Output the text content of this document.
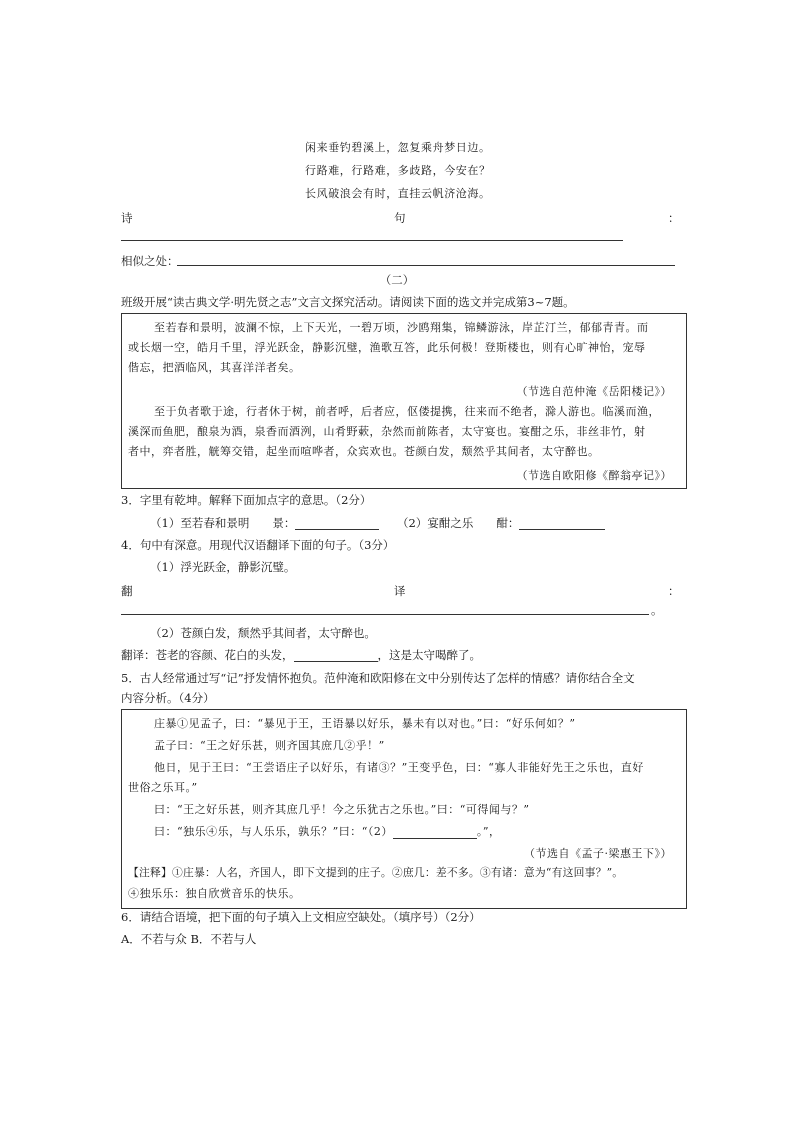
闲来垂钓碧溪上，忽复乘舟梦日边。
行路难，行路难，多歧路，今安在？
长风破浪会有时，直挂云帆济沧海。
诗	句	：
相似之处：
（二）
班级开展“读古典文学·明先贤之志”文言文探究活动。请阅读下面的选文并完成第3~7题。
至若春和景明，波澜不惊，上下天光，一碧万顷，沙鸥翔集，锦鳞游泳，岸芷汀兰，郁郁青青。而
或长烟一空，皓月千里，浮光跃金，静影沉璧，渔歌互答，此乐何极！登斯楼也，则有心旷神怡，宠辱
偕忘，把酒临风，其喜洋洋者矣。
（节选自范仲淹《岳阳楼记》）
至于负者歌于途，行者休于树，前者呼，后者应，伛偻提携，往来而不绝者，滁人游也。临溪而渔，
溪深而鱼肥，酿泉为酒，泉香而酒洌，山肴野蔌，杂然而前陈者，太守宴也。宴酣之乐，非丝非竹，射
者中，弈者胜，觥筹交错，起坐而喧哗者，众宾欢也。苍颜白发，颓然乎其间者，太守醉也。
（节选自欧阳修《醉翁亭记》）
3．字里有乾坤。解释下面加点字的意思。（2分）
（1）至若春和景明　　景：	（2）宴酣之乐　　酣：
4．句中有深意。用现代汉语翻译下面的句子。（3分）
（1）浮光跃金，静影沉璧。
翻	译	：
。
（2）苍颜白发，颓然乎其间者，太守醉也。
翻译：苍老的容颜、花白的头发，	，这是太守喝醉了。
5．古人经常通过写“记”抒发情怀抱负。范仲淹和欧阳修在文中分别传达了怎样的情感？请你结合全文
内容分析。（4分）
庄暴①见孟子，曰：“暴见于王，王语暴以好乐，暴未有以对也。”曰：“好乐何如？”
孟子曰：“王之好乐甚，则齐国其庶几②乎！”
他日，见于王曰：“王尝语庄子以好乐，有诸③？”王变乎色，曰：“寡人非能好先王之乐也，直好
世俗之乐耳。”
曰：“王之好乐甚，则齐其庶几乎！今之乐犹古之乐也。”曰：“可得闻与？”
曰：“独乐④乐，与人乐乐，孰乐？”曰：“（2）	。”，
（节选自《孟子·梁惠王下》）
【注释】①庄暴：人名，齐国人，即下文提到的庄子。②庶几：差不多。③有诸：意为“有这回事？”。
④独乐乐：独自欣赏音乐的快乐。
6．请结合语境，把下面的句子填入上文相应空缺处。（填序号）（2分）
A．不若与众 B．不若与人
